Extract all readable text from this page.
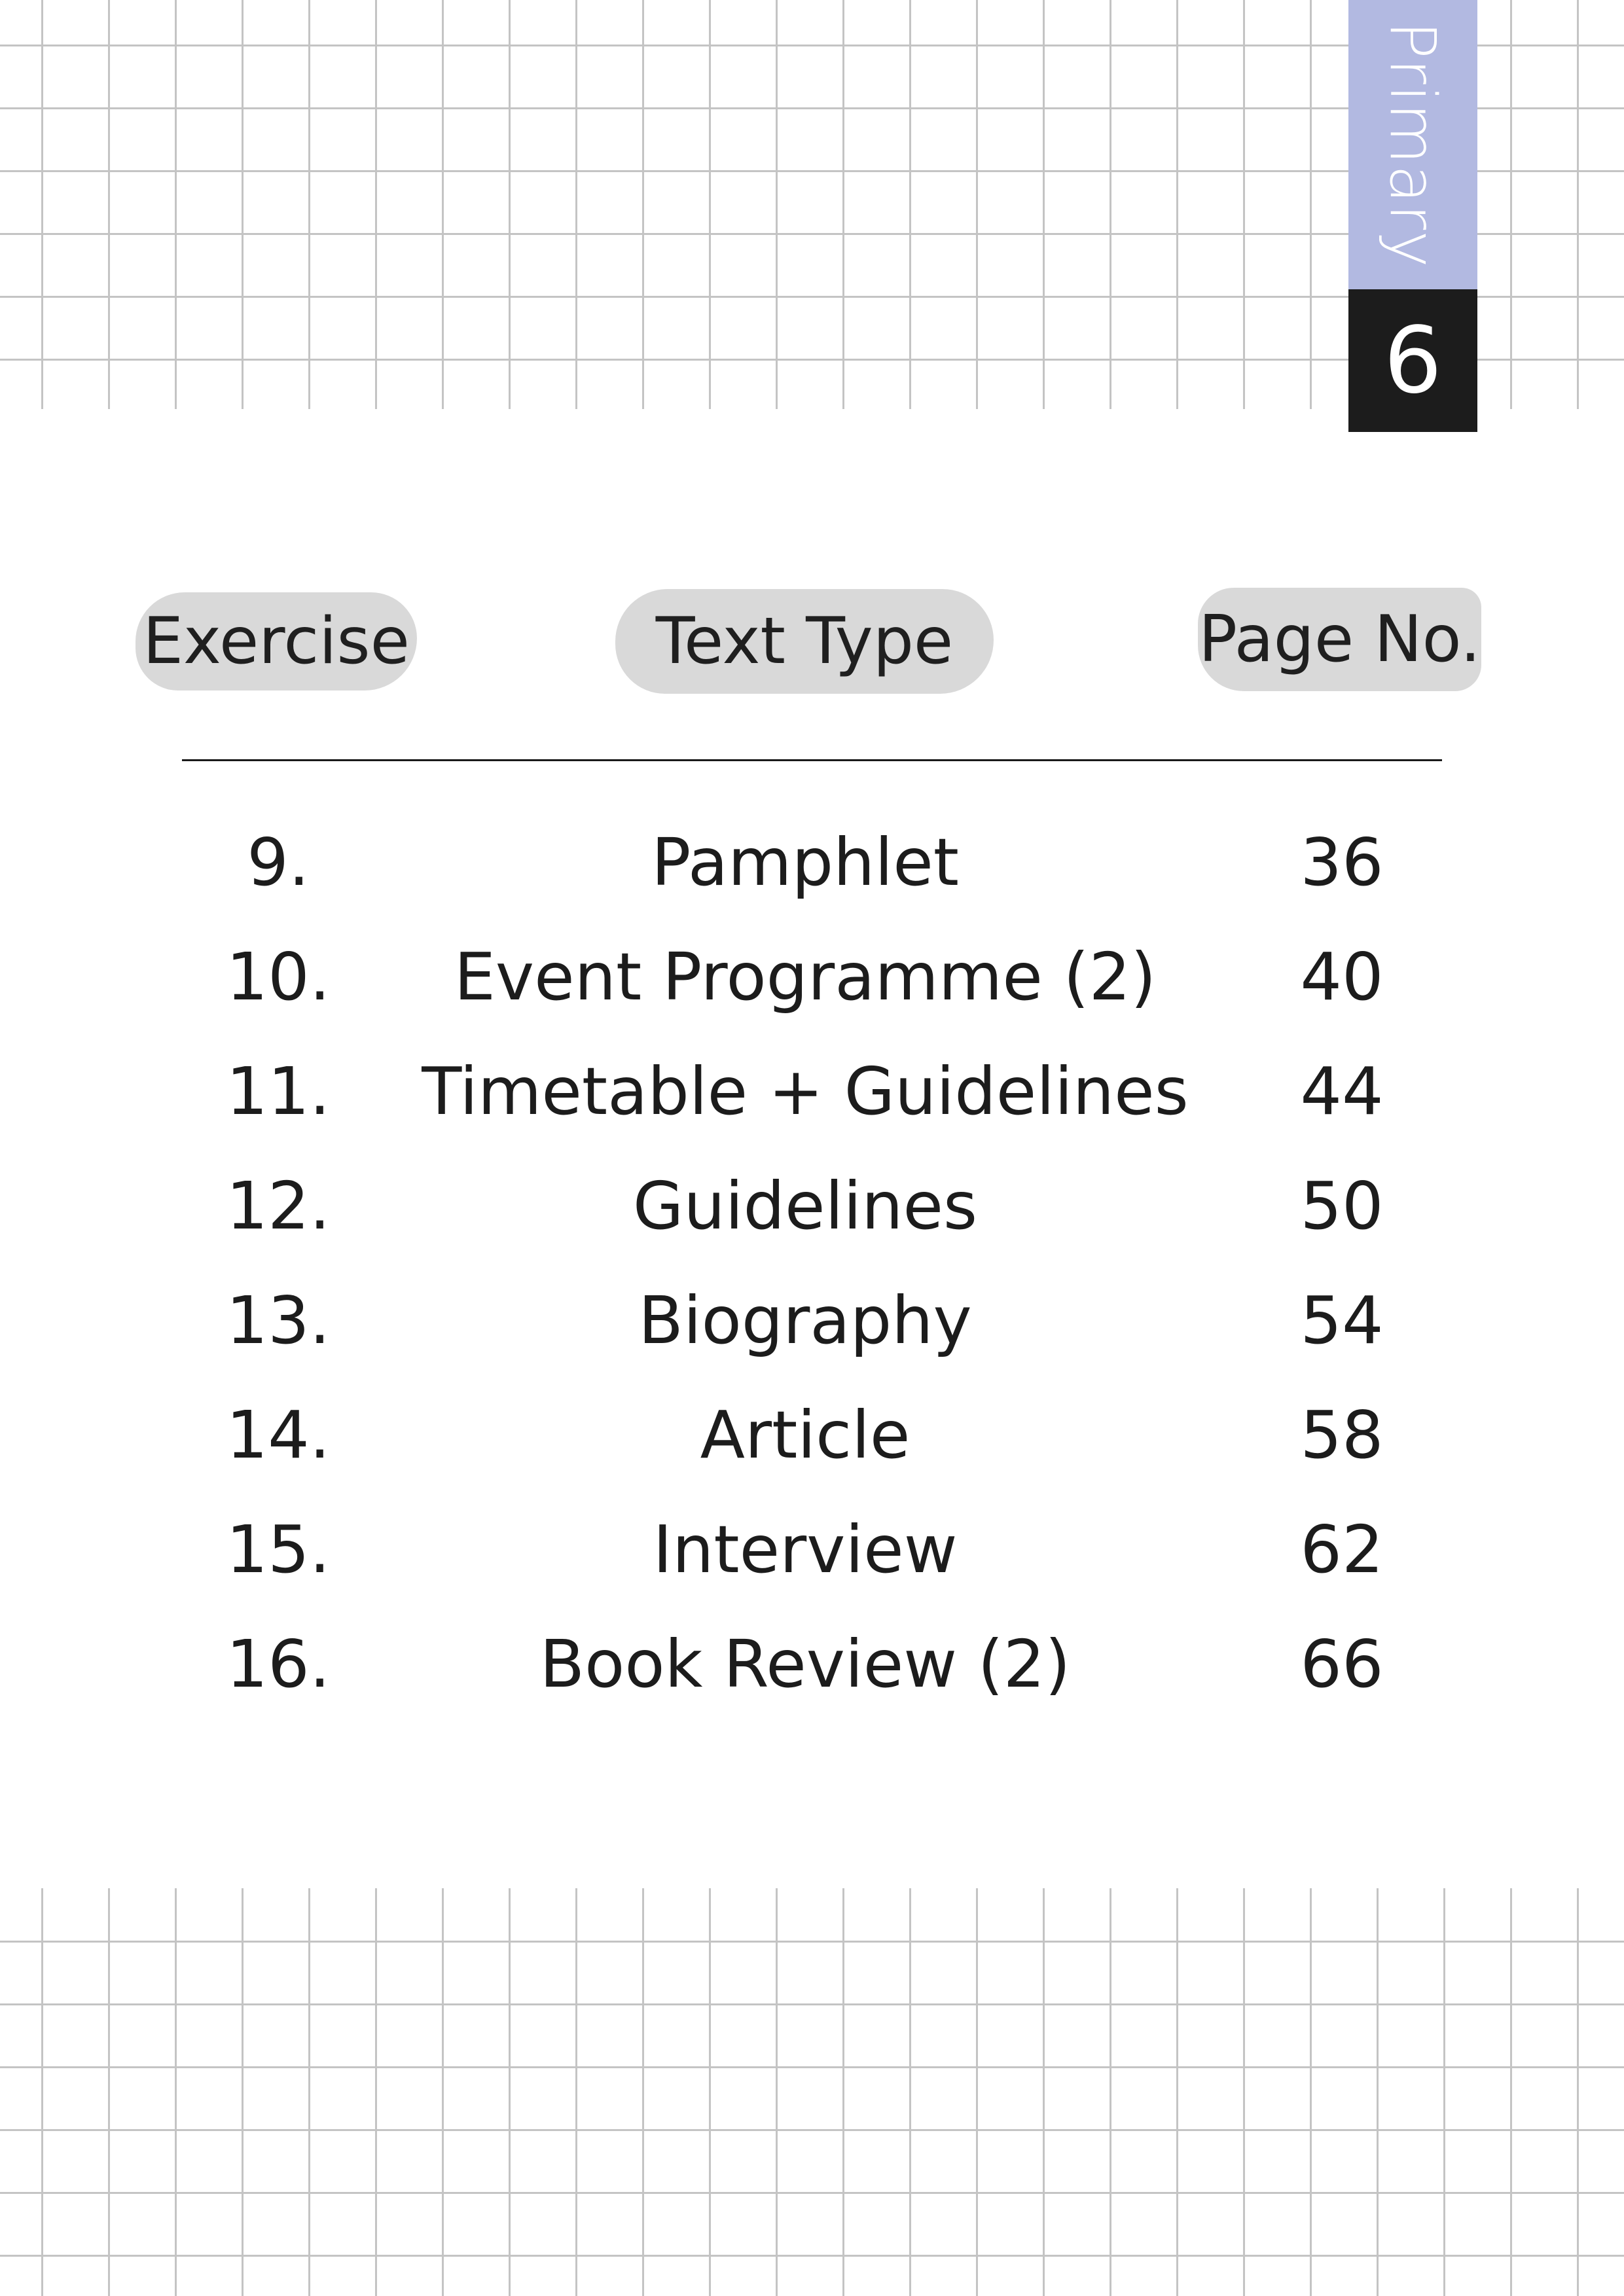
Primary
6
Exercise	Text Type	Page No.
9.	Pamphlet	36
10. Event Programme (2) 40
11. Timetable + Guidelines 44
12.	Guidelines	50
13.	Biography	54
14.	Article	58
15.	Interview	62
16.	Book Review (2)	66
